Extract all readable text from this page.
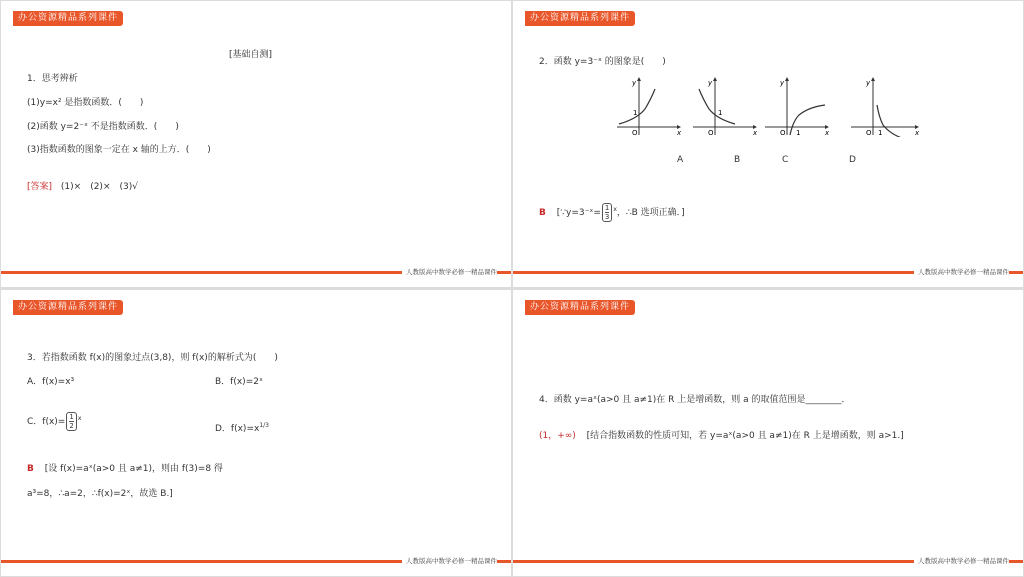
办公资源精品系列课件
[基础自测]
1．思考辨析
(1)y=x² 是指数函数．(　　)
(2)函数 y=2⁻ˣ 不是指数函数．(　　)
(3)指数函数的图象一定在 x 轴的上方．(　　)
[答案] (1)×　(2)×　(3)√
人教版高中数学必修一精品课件
办公资源精品系列课件
2．函数 y=3⁻ˣ 的图象是(　　)
y
x
O
1
y
x
O
1
y
x
O 1
y
x
O 1
A	B	C	D
B [∵y=3⁻ˣ= $\frac{1}{3} ^x$，∴B 选项正确．]
人教版高中数学必修一精品课件
办公资源精品系列课件
3．若指数函数 f(x)的图象过点(3,8)，则 f(x)的解析式为(　　)
A．f(x)=x³	B．f(x)=2ˣ
C．$f(x)= \frac{1}{2} ^x$
D．$f(x)=x^{1/3}$
B [设 f(x)=aˣ(a>0 且 a≠1)，则由 f(3)=8 得
a³=8，∴a=2，∴f(x)=2ˣ，故选 B.]
人教版高中数学必修一精品课件
办公资源精品系列课件
4．函数 y=aˣ(a>0 且 a≠1)在 R 上是增函数，则 a 的取值范围是________．
(1，+∞) [结合指数函数的性质可知，若 y=aˣ(a>0 且 a≠1)在 R 上是增函数，则 a>1.]
人教版高中数学必修一精品课件
